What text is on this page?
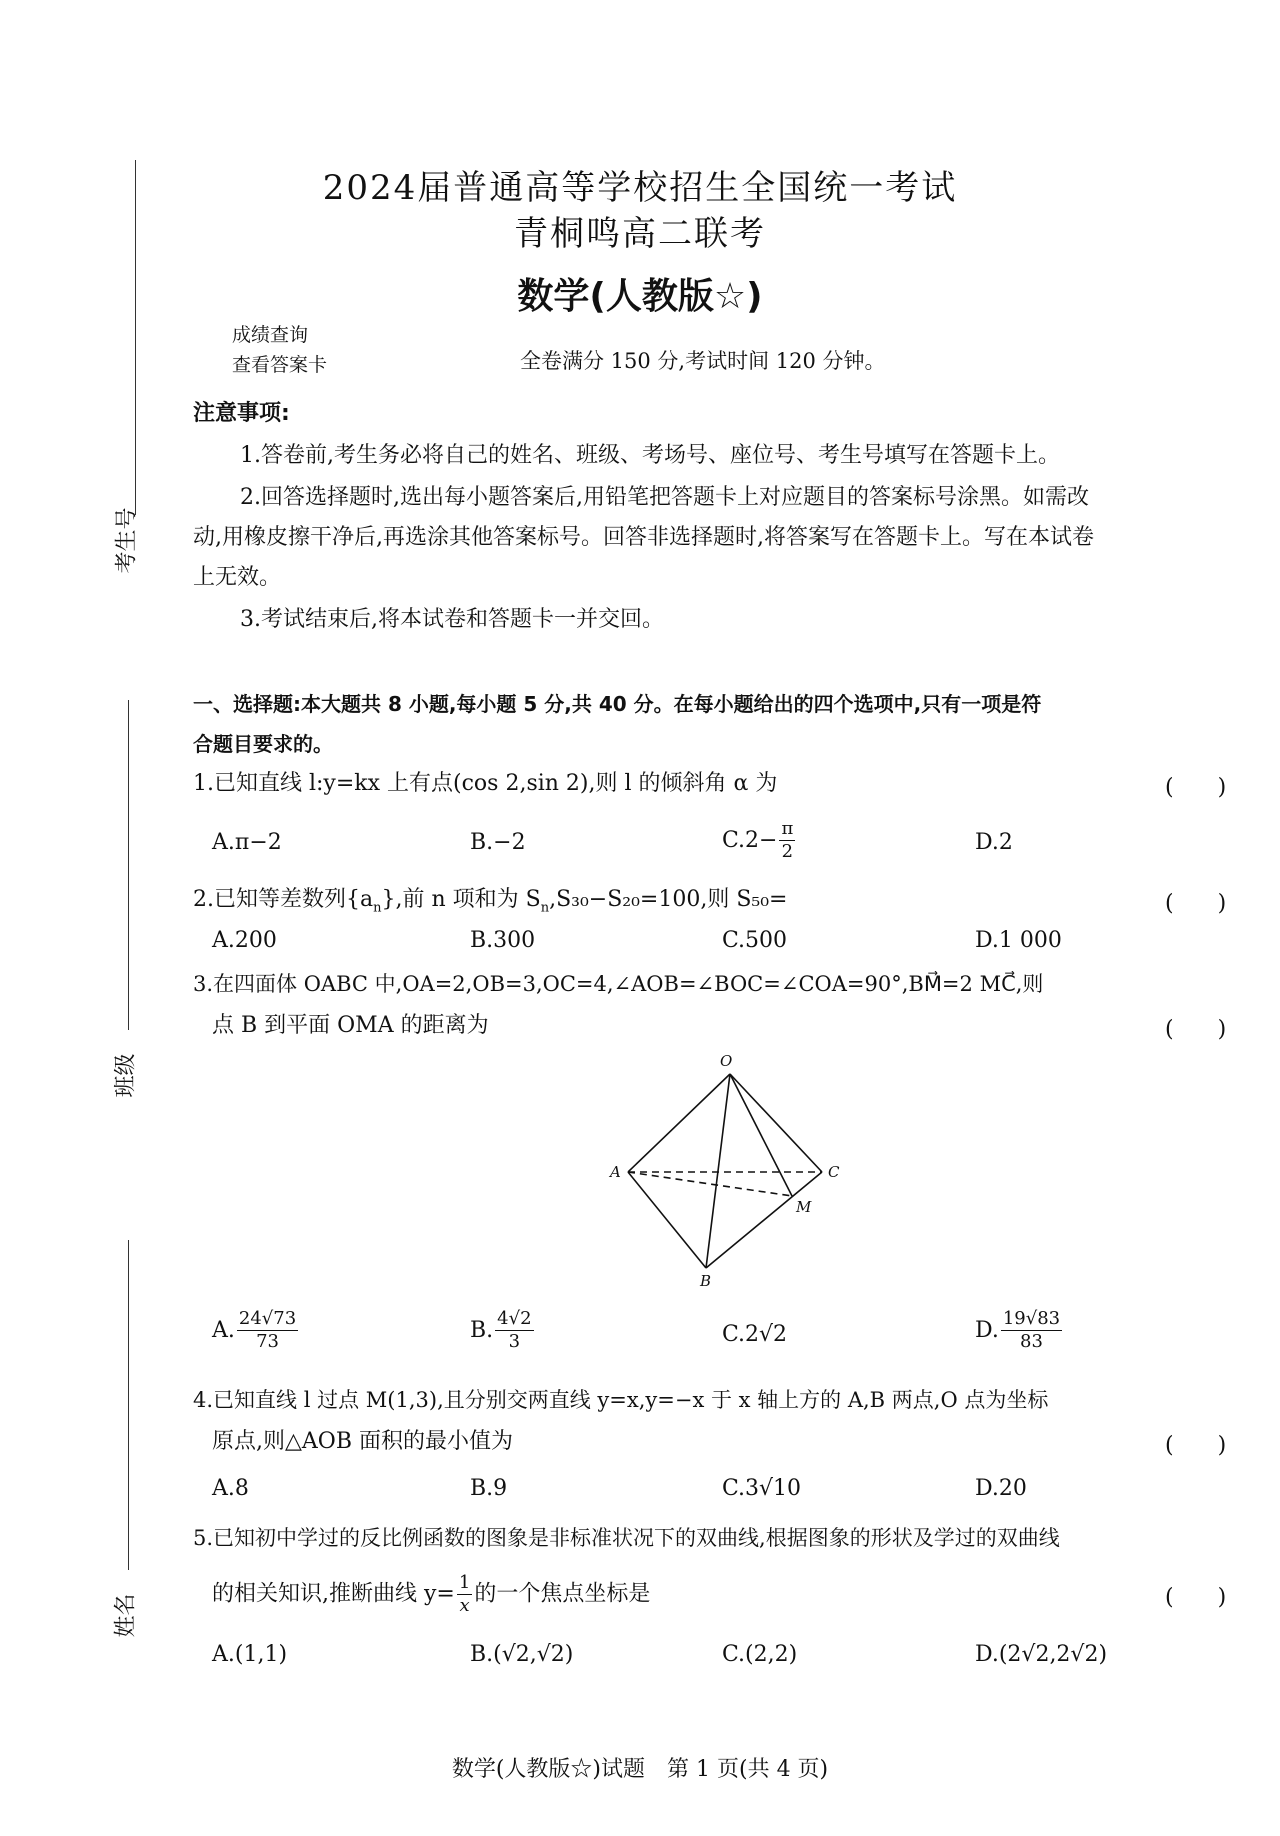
考生号
班级
姓名
2024届普通高等学校招生全国统一考试
青桐鸣高二联考
数学(人教版☆)
成绩查询
查看答案卡	全卷满分 150 分,考试时间 120 分钟。
注意事项:
1.答卷前,考生务必将自己的姓名、班级、考场号、座位号、考生号填写在答题卡上。
2.回答选择题时,选出每小题答案后,用铅笔把答题卡上对应题目的答案标号涂黑。如需改
动,用橡皮擦干净后,再选涂其他答案标号。回答非选择题时,将答案写在答题卡上。写在本试卷
上无效。
3.考试结束后,将本试卷和答题卡一并交回。
一、选择题:本大题共 8 小题,每小题 5 分,共 40 分。在每小题给出的四个选项中,只有一项是符
合题目要求的。
1.已知直线 l:y=kx 上有点(cos 2,sin 2),则 l 的倾斜角 α 为	(　　)
A.π−2	B.−2	$C.2- \frac{\pi}{2}$	D.2
2.已知等差数列$\{a_n\}$,前 n 项和为 $S_n,S_{30}-S_{20}=100$,则 S₅₀=	(　　)
A.200	B.300	C.500	D.1 000
3.在四面体 OABC 中,OA=2,OB=3,OC=4,∠AOB=∠BOC=∠COA=90°,BM⃗=2 MC⃗,则
点 B 到平面 OMA 的距离为	(　　)
O
A	C
M
B
A. $\frac{24√73}{73}$	B. $\frac{4√2}{3}$	C.2√2	D. $\frac{19√83}{83}$
4.已知直线 l 过点 M(1,3),且分别交两直线 y=x,y=−x 于 x 轴上方的 A,B 两点,O 点为坐标
原点,则△AOB 面积的最小值为	(　　)
A.8	B.9	C.3√10	D.20
5.已知初中学过的反比例函数的图象是非标准状况下的双曲线,根据图象的形状及学过的双曲线
的相关知识,推断曲线 $y= \frac{1}{x}$ 的一个焦点坐标是	(　　)
A.(1,1)	B.(√2,√2)	C.(2,2)	D.(2√2,2√2)
数学(人教版☆)试题　第 1 页(共 4 页)
